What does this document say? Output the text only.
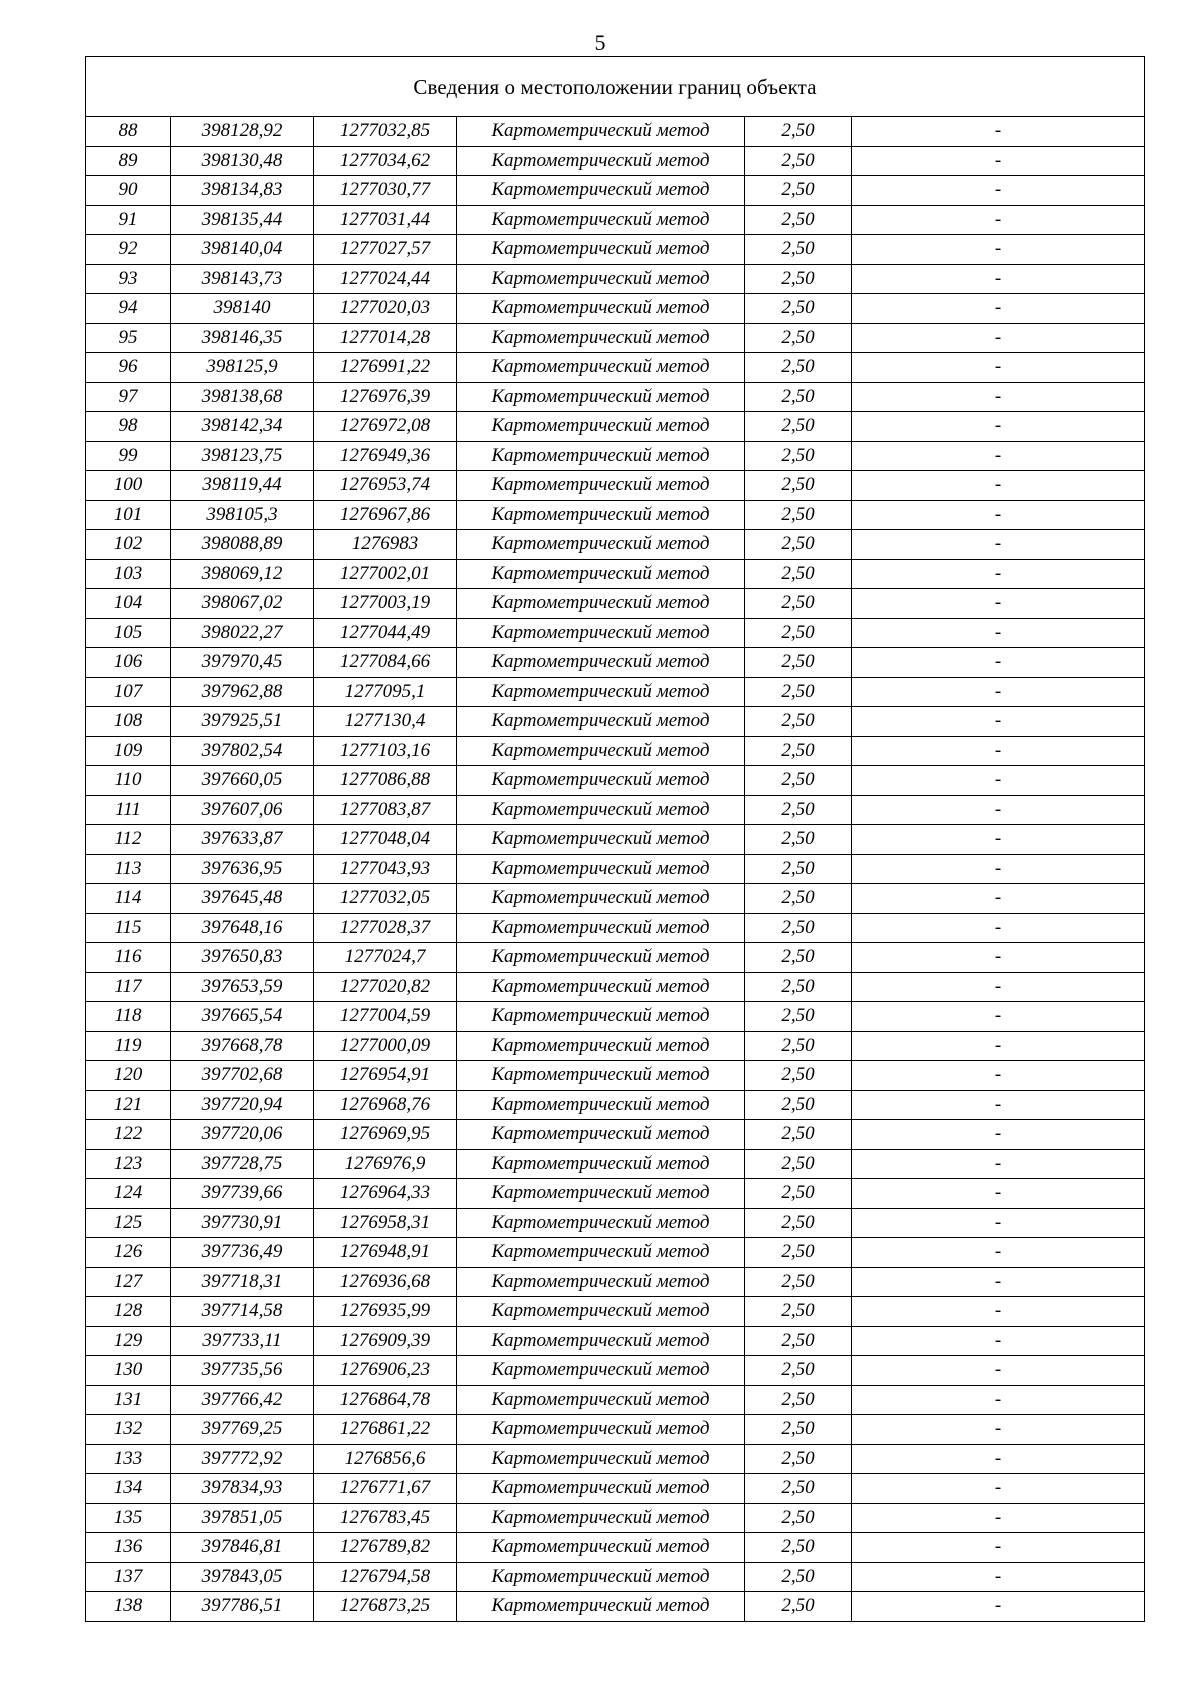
5
Сведения о местоположении границ объекта					
88	398128,92	1277032,85	Картометрический метод	2,50	-
89	398130,48	1277034,62	Картометрический метод	2,50	-
90	398134,83	1277030,77	Картометрический метод	2,50	-
91	398135,44	1277031,44	Картометрический метод	2,50	-
92	398140,04	1277027,57	Картометрический метод	2,50	-
93	398143,73	1277024,44	Картометрический метод	2,50	-
94	398140	1277020,03	Картометрический метод	2,50	-
95	398146,35	1277014,28	Картометрический метод	2,50	-
96	398125,9	1276991,22	Картометрический метод	2,50	-
97	398138,68	1276976,39	Картометрический метод	2,50	-
98	398142,34	1276972,08	Картометрический метод	2,50	-
99	398123,75	1276949,36	Картометрический метод	2,50	-
100	398119,44	1276953,74	Картометрический метод	2,50	-
101	398105,3	1276967,86	Картометрический метод	2,50	-
102	398088,89	1276983	Картометрический метод	2,50	-
103	398069,12	1277002,01	Картометрический метод	2,50	-
104	398067,02	1277003,19	Картометрический метод	2,50	-
105	398022,27	1277044,49	Картометрический метод	2,50	-
106	397970,45	1277084,66	Картометрический метод	2,50	-
107	397962,88	1277095,1	Картометрический метод	2,50	-
108	397925,51	1277130,4	Картометрический метод	2,50	-
109	397802,54	1277103,16	Картометрический метод	2,50	-
110	397660,05	1277086,88	Картометрический метод	2,50	-
111	397607,06	1277083,87	Картометрический метод	2,50	-
112	397633,87	1277048,04	Картометрический метод	2,50	-
113	397636,95	1277043,93	Картометрический метод	2,50	-
114	397645,48	1277032,05	Картометрический метод	2,50	-
115	397648,16	1277028,37	Картометрический метод	2,50	-
116	397650,83	1277024,7	Картометрический метод	2,50	-
117	397653,59	1277020,82	Картометрический метод	2,50	-
118	397665,54	1277004,59	Картометрический метод	2,50	-
119	397668,78	1277000,09	Картометрический метод	2,50	-
120	397702,68	1276954,91	Картометрический метод	2,50	-
121	397720,94	1276968,76	Картометрический метод	2,50	-
122	397720,06	1276969,95	Картометрический метод	2,50	-
123	397728,75	1276976,9	Картометрический метод	2,50	-
124	397739,66	1276964,33	Картометрический метод	2,50	-
125	397730,91	1276958,31	Картометрический метод	2,50	-
126	397736,49	1276948,91	Картометрический метод	2,50	-
127	397718,31	1276936,68	Картометрический метод	2,50	-
128	397714,58	1276935,99	Картометрический метод	2,50	-
129	397733,11	1276909,39	Картометрический метод	2,50	-
130	397735,56	1276906,23	Картометрический метод	2,50	-
131	397766,42	1276864,78	Картометрический метод	2,50	-
132	397769,25	1276861,22	Картометрический метод	2,50	-
133	397772,92	1276856,6	Картометрический метод	2,50	-
134	397834,93	1276771,67	Картометрический метод	2,50	-
135	397851,05	1276783,45	Картометрический метод	2,50	-
136	397846,81	1276789,82	Картометрический метод	2,50	-
137	397843,05	1276794,58	Картометрический метод	2,50	-
138	397786,51	1276873,25	Картометрический метод	2,50	-
